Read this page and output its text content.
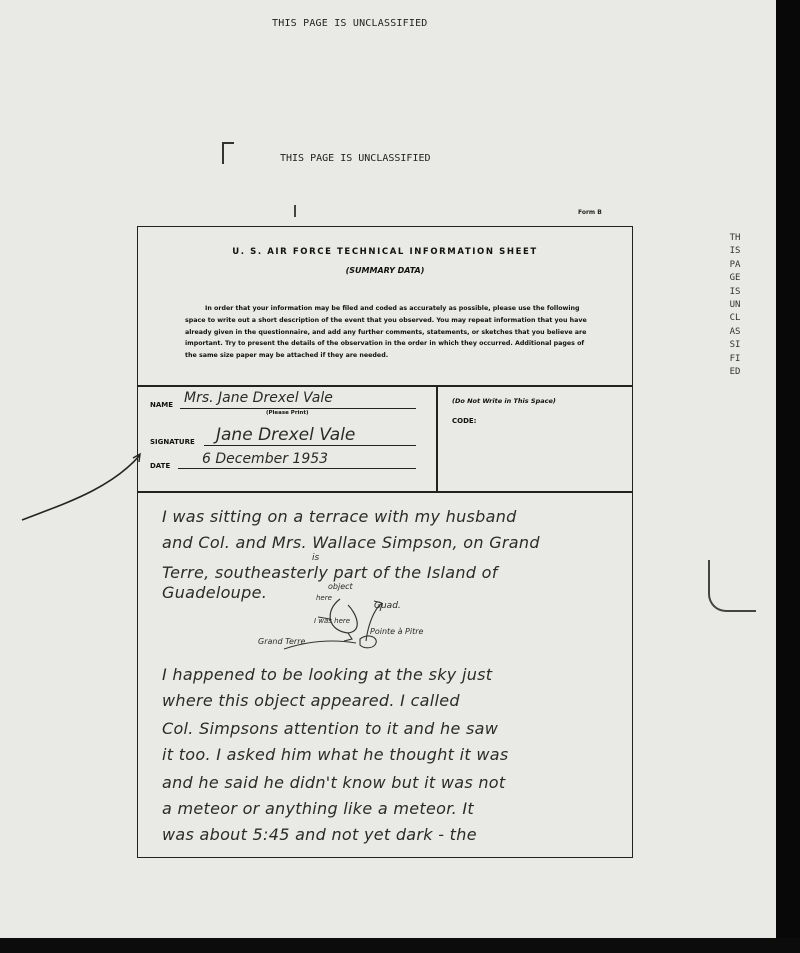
THIS PAGE IS UNCLASSIFIED
THIS PAGE IS UNCLASSIFIED
Form B
THIS PAGE IS UNCLASSIFIED
U. S. AIR FORCE TECHNICAL INFORMATION SHEET
(SUMMARY DATA)
In order that your information may be filed and coded as accurately as possible, please use the following space to write out a short description of the event that you observed. You may repeat information that you have already given in the questionnaire, and add any further comments, statements, or sketches that you believe are important. Try to present the details of the observation in the order in which they occurred. Additional pages of the same size paper may be attached if they are needed.
NAME Mrs. Jane Drexel Vale
(Please Print)
SIGNATURE Jane Drexel Vale
DATE 6 December 1953
(Do Not Write in This Space)
CODE:
I was sitting on a terrace with my husband
and Col. and Mrs. Wallace Simpson, on Grand
is
Terre, southeasterly part of the Island of
Guadeloupe.	object
here
Guad.
I was here
Pointe à Pitre
Grand Terre
I happened to be looking at the sky just
where this object appeared. I called
Col. Simpsons attention to it and he saw
it too. I asked him what he thought it was
and he said he didn't know but it was not
a meteor or anything like a meteor. It
was about 5:45 and not yet dark - the
